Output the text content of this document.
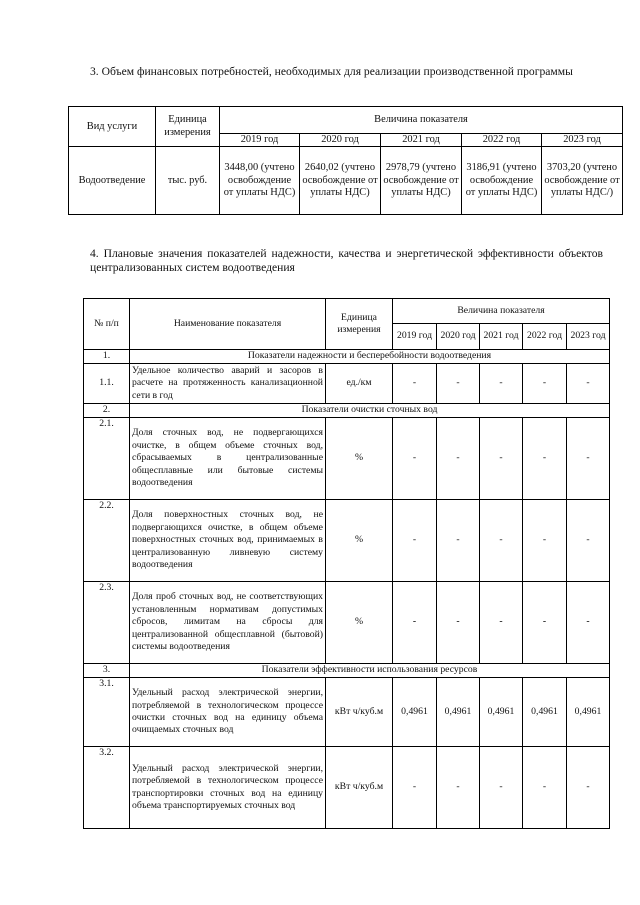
3. Объем финансовых потребностей, необходимых для реализации производственной программы
Вид услуги	Единица измерения	Величина показателя				
		2019 год	2020 год	2021 год	2022 год	2023 год
Водоотведение	тыс. руб.	3448,00 (учтено освобождение от уплаты НДС)	2640,02 (учтено освобождение от уплаты НДС)	2978,79 (учтено освобождение от уплаты НДС)	3186,91 (учтено освобождение от уплаты НДС)	3703,20 (учтено освобождение от уплаты НДС/)
4. Плановые значения показателей надежности, качества и энергетической эффективности объектов централизованных систем водоотведения
№ п/п	Наименование показателя	Единица измерения	Величина показателя				
			2019 год	2020 год	2021 год	2022 год	2023 год
1.	Показатели надежности и бесперебойности водоотведения						
1.1.	Удельное количество аварий и засоров в расчете на протяженность канализационной сети в год	ед./км	-	-	-	-	-
2.	Показатели очистки сточных вод						
2.1.	Доля сточных вод, не подвергающихся очистке, в общем объеме сточных вод, сбрасываемых в централизованные общесплавные или бытовые системы водоотведения	%	-	-	-	-	-
2.2.	Доля поверхностных сточных вод, не подвергающихся очистке, в общем объеме поверхностных сточных вод, принимаемых в централизованную ливневую систему водоотведения	%	-	-	-	-	-
2.3.	Доля проб сточных вод, не соответствующих установленным нормативам допустимых сбросов, лимитам на сбросы для централизованной общесплавной (бытовой) системы водоотведения	%	-	-	-	-	-
3.	Показатели эффективности использования ресурсов						
3.1.	Удельный расход электрической энергии, потребляемой в технологическом процессе очистки сточных вод на единицу объема очищаемых сточных вод	кВт ч/куб.м	0,4961	0,4961	0,4961	0,4961	0,4961
3.2.	Удельный расход электрической энергии, потребляемой в технологическом процессе транспортировки сточных вод на единицу объема транспортируемых сточных вод	кВт ч/куб.м	-	-	-	-	-
